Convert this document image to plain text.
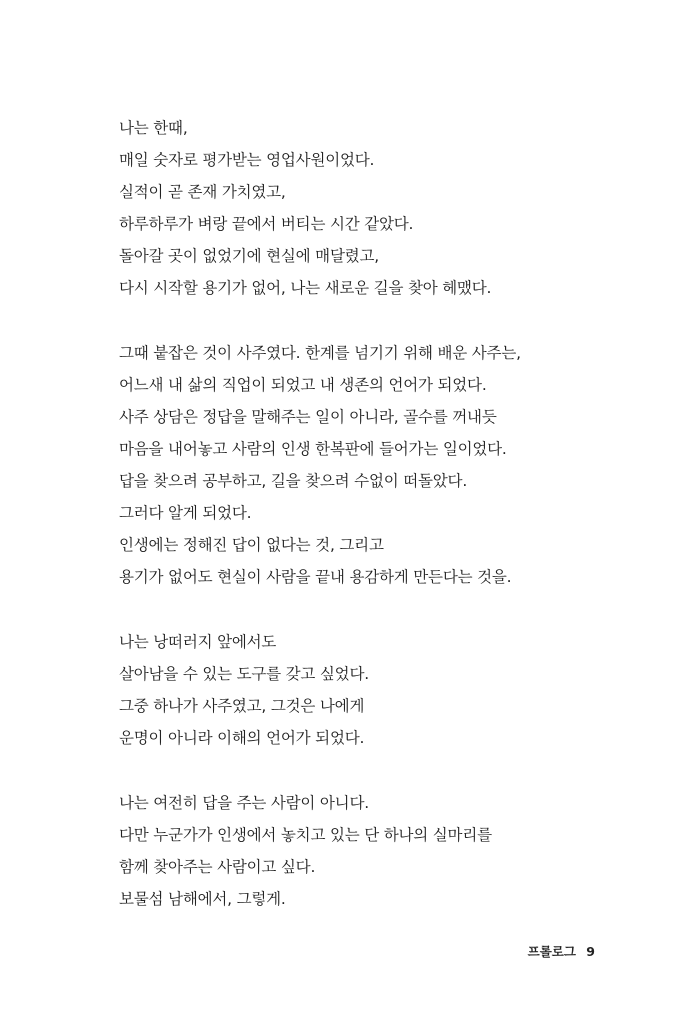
나는 한때,
매일 숫자로 평가받는 영업사원이었다.
실적이 곧 존재 가치였고,
하루하루가 벼랑 끝에서 버티는 시간 같았다.
돌아갈 곳이 없었기에 현실에 매달렸고,
다시 시작할 용기가 없어, 나는 새로운 길을 찾아 헤맸다.
그때 붙잡은 것이 사주였다. 한계를 넘기기 위해 배운 사주는,
어느새 내 삶의 직업이 되었고 내 생존의 언어가 되었다.
사주 상담은 정답을 말해주는 일이 아니라, 골수를 꺼내듯
마음을 내어놓고 사람의 인생 한복판에 들어가는 일이었다.
답을 찾으려 공부하고, 길을 찾으려 수없이 떠돌았다.
그러다 알게 되었다.
인생에는 정해진 답이 없다는 것, 그리고
용기가 없어도 현실이 사람을 끝내 용감하게 만든다는 것을.
나는 낭떠러지 앞에서도
살아남을 수 있는 도구를 갖고 싶었다.
그중 하나가 사주였고, 그것은 나에게
운명이 아니라 이해의 언어가 되었다.
나는 여전히 답을 주는 사람이 아니다.
다만 누군가가 인생에서 놓치고 있는 단 하나의 실마리를
함께 찾아주는 사람이고 싶다.
보물섬 남해에서, 그렇게.
프롤로그 9
